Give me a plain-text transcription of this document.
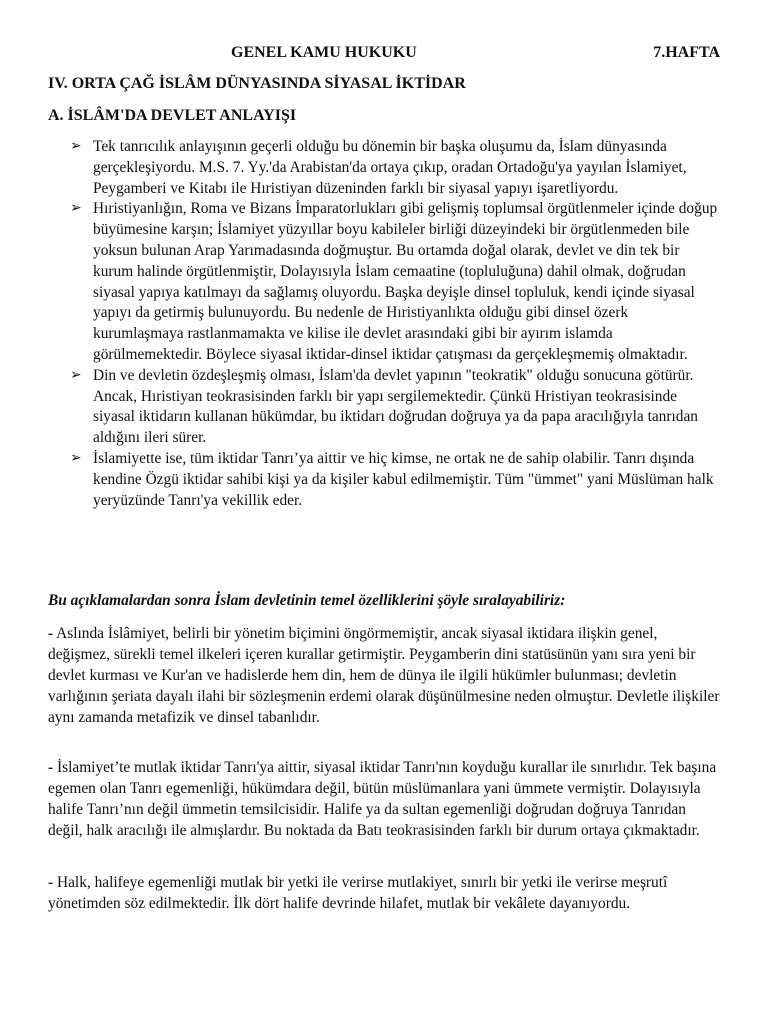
GENEL KAMU HUKUKU	7.HAFTA
IV. ORTA ÇAĞ İSLÂM DÜNYASINDA SİYASAL İKTİDAR
A. İSLÂM'DA DEVLET ANLAYIŞI
➢ Tek tanrıcılık anlayışının geçerli olduğu bu dönemin bir başka oluşumu da, İslam dünyasında gerçekleşiyordu. M.S. 7. Yy.'da Arabistan'da ortaya çıkıp, oradan Ortadoğu'ya yayılan İslamiyet, Peygamberi ve Kitabı ile Hıristiyan düzeninden farklı bir siyasal yapıyı işaretliyordu.
➢ Hıristiyanlığın, Roma ve Bizans İmparatorlukları gibi gelişmiş toplumsal örgütlenmeler içinde doğup büyümesine karşın; İslamiyet yüzyıllar boyu kabileler birliği düzeyindeki bir örgütlenmeden bile yoksun bulunan Arap Yarımadasında doğmuştur. Bu ortamda doğal olarak, devlet ve din tek bir kurum halinde örgütlenmiştir, Dolayısıyla İslam cemaatine (topluluğuna) dahil olmak, doğrudan siyasal yapıya katılmayı da sağlamış oluyordu. Başka deyişle dinsel topluluk, kendi içinde siyasal yapıyı da getirmiş bulunuyordu. Bu nedenle de Hıristiyanlıkta olduğu gibi dinsel özerk kurumlaşmaya rastlanmamakta ve kilise ile devlet arasındaki gibi bir ayırım islamda görülmemektedir. Böylece siyasal iktidar-dinsel iktidar çatışması da gerçekleşmemiş olmaktadır.
➢ Din ve devletin özdeşleşmiş olması, İslam'da devlet yapının "teokratik" olduğu sonucuna götürür. Ancak, Hıristiyan teokrasisinden farklı bir yapı sergilemektedir. Çünkü Hristiyan teokrasisinde siyasal iktidarın kullanan hükümdar, bu iktidarı doğrudan doğruya ya da papa aracılığıyla tanrıdan aldığını ileri sürer.
➢ İslamiyette ise, tüm iktidar Tanrı’ya aittir ve hiç kimse, ne ortak ne de sahip olabilir. Tanrı dışında kendine Özgü iktidar sahibi kişi ya da kişiler kabul edilmemiştir. Tüm "ümmet" yani Müslüman halk yeryüzünde Tanrı'ya vekillik eder.
Bu açıklamalardan sonra İslam devletinin temel özelliklerini şöyle sıralayabiliriz:

- Aslında İslâmiyet, belirli bir yönetim biçimini öngörmemiştir, ancak siyasal iktidara ilişkin genel, değişmez, sürekli temel ilkeleri içeren kurallar getirmiştir. Peygamberin dini statüsünün yanı sıra yeni bir devlet kurması ve Kur'an ve hadislerde hem din, hem de dünya ile ilgili hükümler bulunması; devletin varlığının şeriata dayalı ilahi bir sözleşmenin erdemi olarak düşünülmesine neden olmuştur. Devletle ilişkiler aynı zamanda metafizik ve dinsel tabanlıdır.

- İslamiyet’te mutlak iktidar Tanrı'ya aittir, siyasal iktidar Tanrı'nın koyduğu kurallar ile sınırlıdır. Tek başına egemen olan Tanrı egemenliği, hükümdara değil, bütün müslümanlara yani ümmete vermiştir. Dolayısıyla halife Tanrı’nın değil ümmetin temsilcisidir. Halife ya da sultan egemenliği doğrudan doğruya Tanrıdan değil, halk aracılığı ile almışlardır. Bu noktada da Batı teokrasisinden farklı bir durum ortaya çıkmaktadır.

- Halk, halifeye egemenliği mutlak bir yetki ile verirse mutlakiyet, sınırlı bir yetki ile verirse meşrutî yönetimden söz edilmektedir. İlk dört halife devrinde hilafet, mutlak bir vekâlete dayanıyordu.
